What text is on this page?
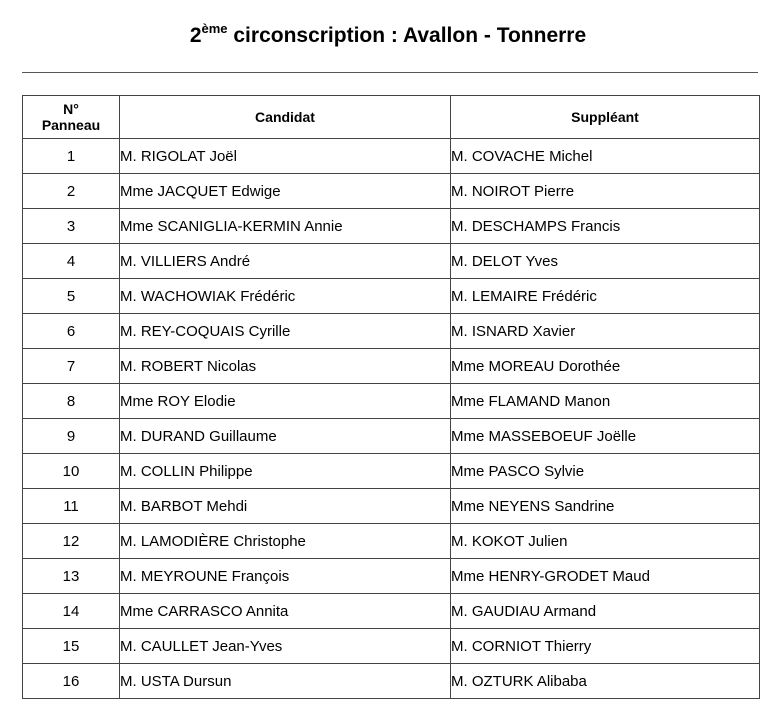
2ème circonscription : Avallon - Tonnerre
N°
Panneau	Candidat	Suppléant
1	M. RIGOLAT Joël	M. COVACHE Michel
2	Mme JACQUET Edwige	M. NOIROT Pierre
3	Mme SCANIGLIA-KERMIN Annie	M. DESCHAMPS Francis
4	M. VILLIERS André	M. DELOT Yves
5	M. WACHOWIAK Frédéric	M. LEMAIRE Frédéric
6	M. REY-COQUAIS Cyrille	M. ISNARD Xavier
7	M. ROBERT Nicolas	Mme MOREAU Dorothée
8	Mme ROY Elodie	Mme FLAMAND Manon
9	M. DURAND Guillaume	Mme MASSEBOEUF Joëlle
10	M. COLLIN Philippe	Mme PASCO Sylvie
11	M. BARBOT Mehdi	Mme NEYENS Sandrine
12	M. LAMODIÈRE Christophe	M. KOKOT Julien
13	M. MEYROUNE François	Mme HENRY-GRODET Maud
14	Mme CARRASCO Annita	M. GAUDIAU Armand
15	M. CAULLET Jean-Yves	M. CORNIOT Thierry
16	M. USTA Dursun	M. OZTURK Alibaba
